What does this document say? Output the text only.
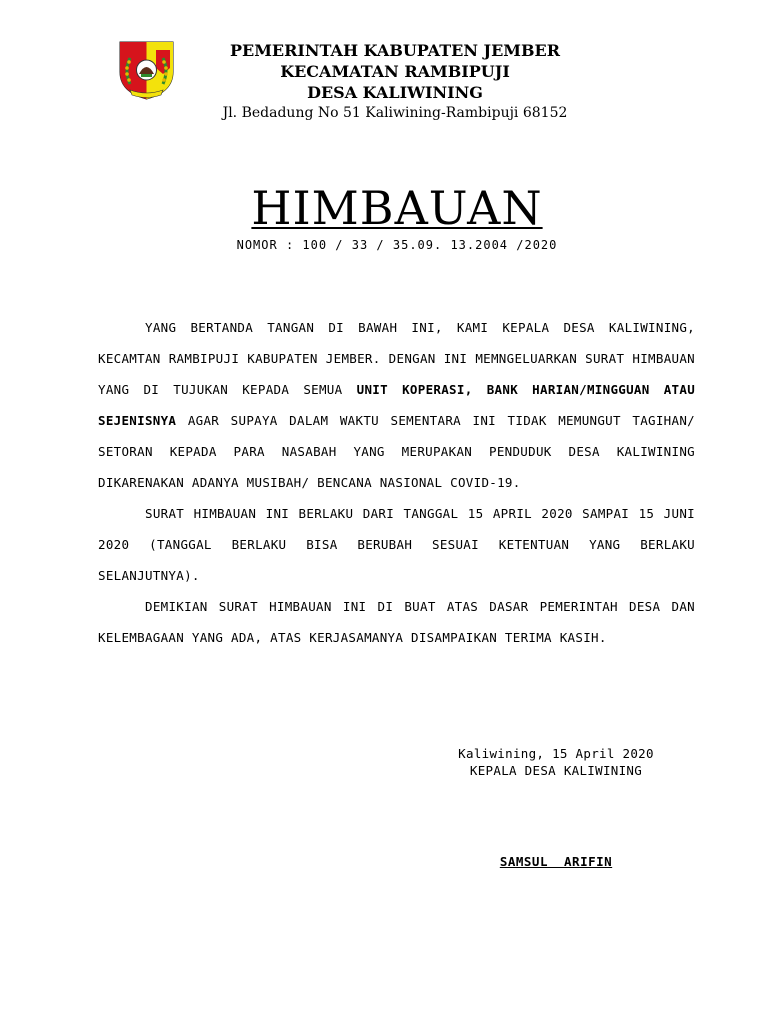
PEMERINTAH KABUPATEN JEMBER
KECAMATAN RAMBIPUJI
DESA KALIWINING
Jl. Bedadung No 51 Kaliwining-Rambipuji 68152
HIMBAUAN
NOMOR : 100 / 33 / 35.09. 13.2004 /2020

YANG BERTANDA TANGAN DI BAWAH INI, KAMI KEPALA DESA KALIWINING, KECAMTAN RAMBIPUJI KABUPATEN JEMBER. DENGAN INI MEMNGELUARKAN SURAT HIMBAUAN YANG DI TUJUKAN KEPADA SEMUA UNIT KOPERASI, BANK HARIAN/MINGGUAN ATAU SEJENISNYA AGAR SUPAYA DALAM WAKTU SEMENTARA INI TIDAK MEMUNGUT TAGIHAN/ SETORAN KEPADA PARA NASABAH YANG MERUPAKAN PENDUDUK DESA KALIWINING DIKARENAKAN ADANYA MUSIBAH/ BENCANA NASIONAL COVID-19.

SURAT HIMBAUAN INI BERLAKU DARI TANGGAL 15 APRIL 2020 SAMPAI 15 JUNI 2020 (TANGGAL BERLAKU BISA BERUBAH SESUAI KETENTUAN YANG BERLAKU SELANJUTNYA).

DEMIKIAN SURAT HIMBAUAN INI DI BUAT ATAS DASAR PEMERINTAH DESA DAN KELEMBAGAAN YANG ADA, ATAS KERJASAMANYA DISAMPAIKAN TERIMA KASIH.

Kaliwining, 15 April 2020
KEPALA DESA KALIWINING
SAMSUL  ARIFIN
